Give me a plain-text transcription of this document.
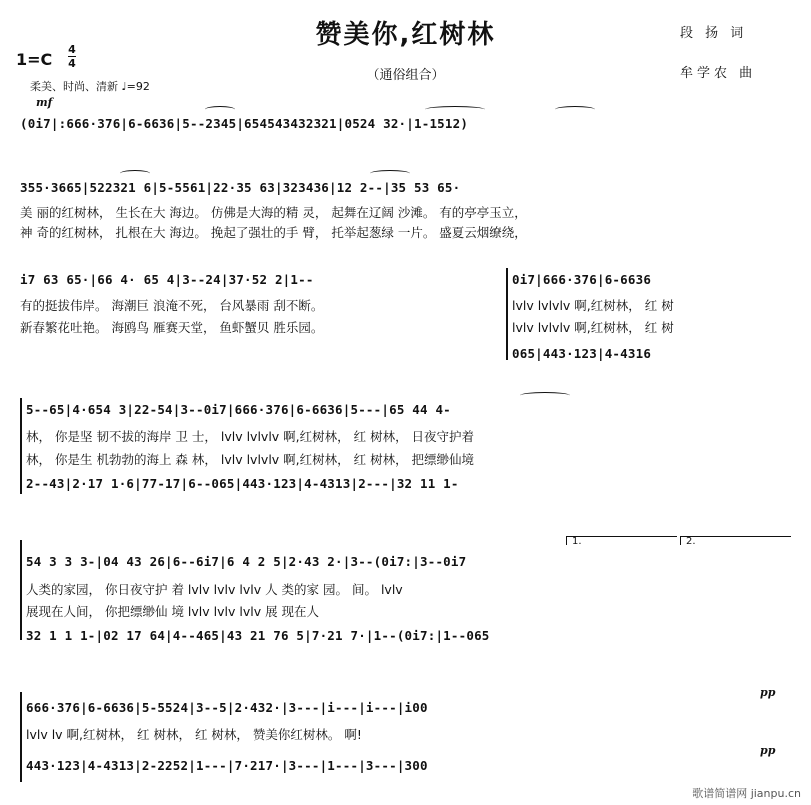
赞美你,红树林
（通俗组合）
1=C
4
4
柔美、时尚、清新 ♩=92
mf
段 扬 词
牟学农 曲
(0i7|:666·376|6-6636|5--2345|654543432321|0524 32·|1-1512)
355·3665|522321 6|5-5561|22·35 63|323436|12 2--|35 53 65·
美 丽的红树林， 生长在大 海边。 仿佛是大海的精 灵， 起舞在辽阔 沙滩。 有的亭亭玉立，
神 奇的红树林， 扎根在大 海边。 挽起了强壮的手 臂， 托举起葱绿 一片。 盛夏云烟缭绕，
i7 63 65·|66 4· 65 4|3--24|37·52 2|1--
有的挺拔伟岸。 海潮巨 浪淹不死， 台风暴雨 刮不断。
新春繁花吐艳。 海鸥鸟 雁赛天堂， 鱼虾蟹贝 胜乐园。
0i7|666·376|6-6636
lvlv lvlvlv 啊,红树林， 红 树
lvlv lvlvlv 啊,红树林， 红 树
065|443·123|4-4316
5--65|4·654 3|22-54|3--0i7|666·376|6-6636|5---|65 44 4-
林， 你是坚 韧不拔的海岸 卫 士， lvlv lvlvlv 啊,红树林， 红 树林， 日夜守护着
林， 你是生 机勃勃的海上 森 林， lvlv lvlvlv 啊,红树林， 红 树林， 把缥缈仙境
2--43|2·17 1·6|77-17|6--065|443·123|4-4313|2---|32 11 1-
1.	2.
54 3 3 3-|04 43 26|6--6i7|6 4 2 5|2·43 2·|3--(0i7:|3--0i7
人类的家园， 你日夜守护 着 lvlv lvlv lvlv 人 类的家 园。 间。 lvlv
展现在人间， 你把缥缈仙 境 lvlv lvlv lvlv 展 现在人
32 1 1 1-|02 17 64|4--465|43 21 76 5|7·21 7·|1--(0i7:|1--065
666·376|6-6636|5-5524|3--5|2·432·|3---|i---|i---|i00
lvlv lv 啊,红树林， 红 树林， 红 树林， 赞美你红树林。 啊!
443·123|4-4313|2-2252|1---|7·217·|3---|1---|3---|300
pp
pp
歌谱简谱网 jianpu.cn
